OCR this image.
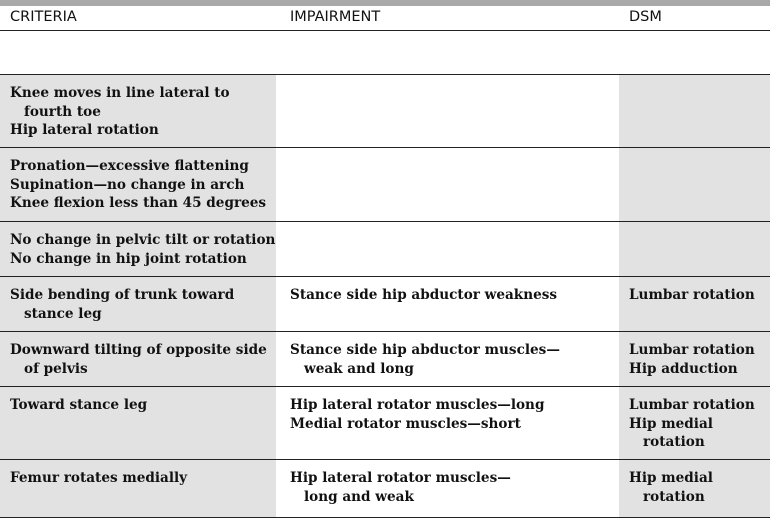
CRITERIA	IMPAIRMENT	DSM

Knee moves in line lateral to
fourth toe
Hip lateral rotation		

Pronation—excessive flattening
Supination—no change in arch
Knee flexion less than 45 degrees		

No change in pelvic tilt or rotation
No change in hip joint rotation		

Side bending of trunk toward
stance leg	Stance side hip abductor weakness	Lumbar rotation

Downward tilting of opposite side
of pelvis	Stance side hip abductor muscles—
weak and long	Lumbar rotation
Hip adduction

Toward stance leg	Hip lateral rotator muscles—long
Medial rotator muscles—short	Lumbar rotation
Hip medial
rotation

Femur rotates medially	Hip lateral rotator muscles—
long and weak	Hip medial
rotation
